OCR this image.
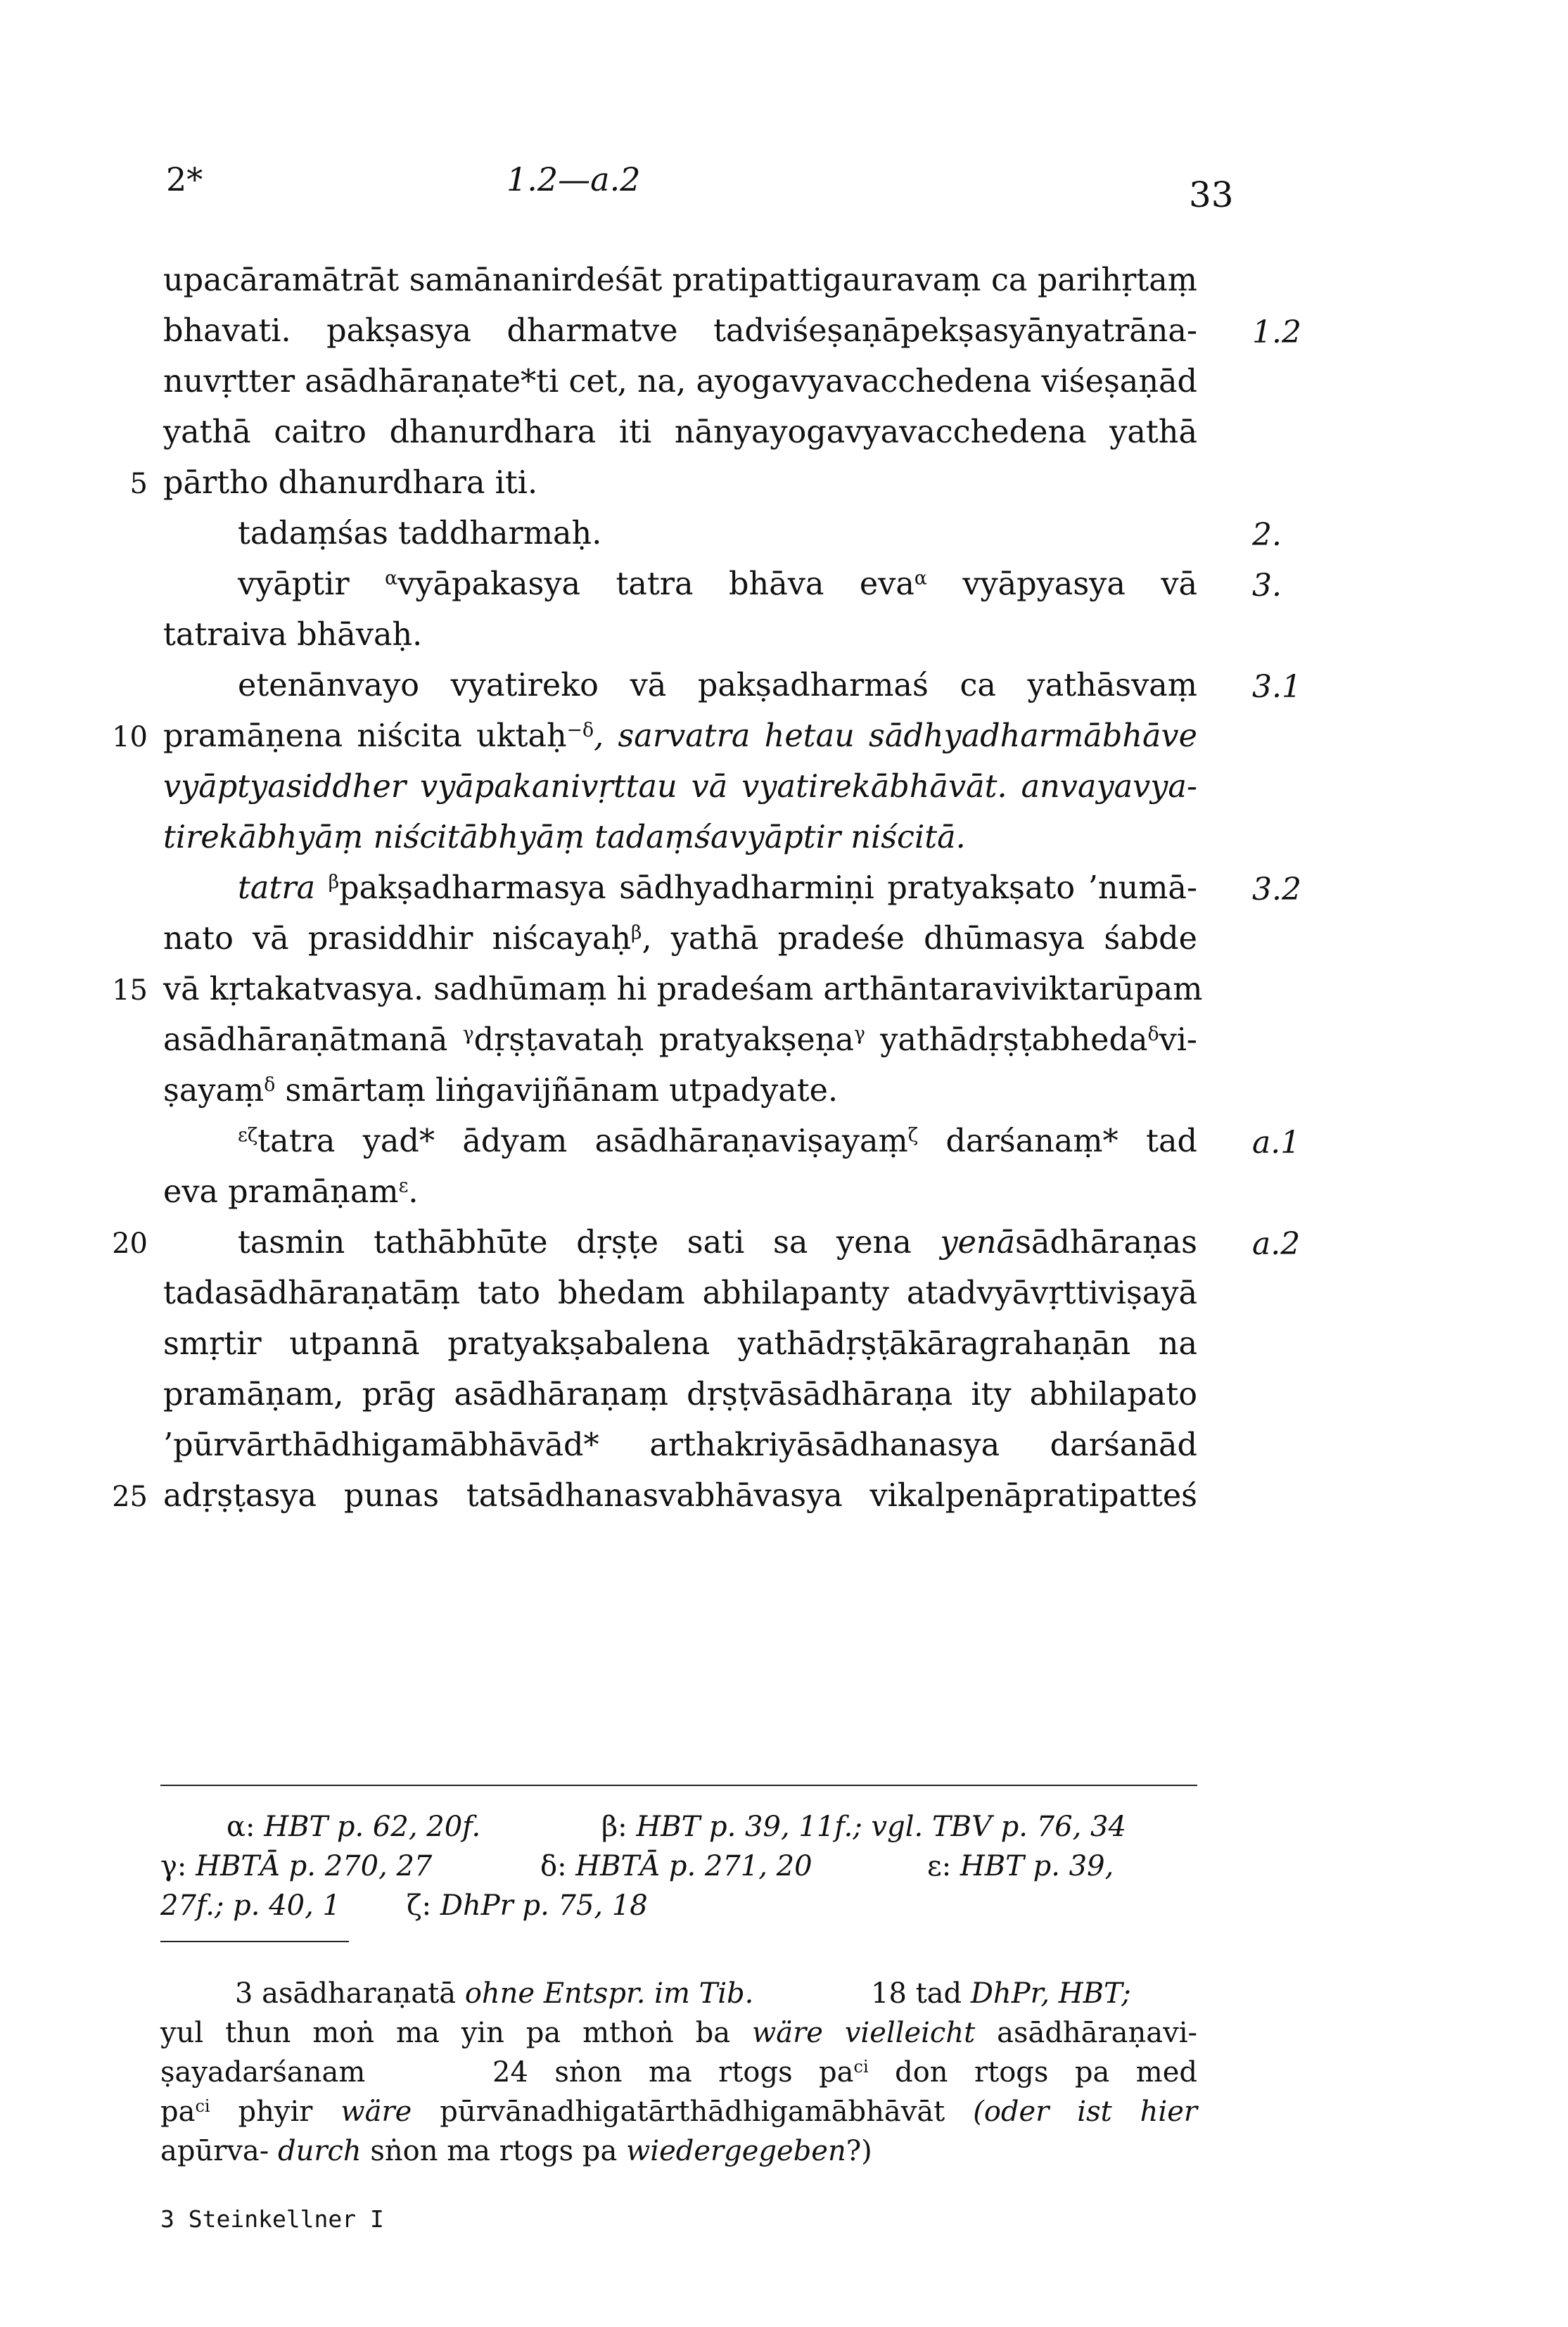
2*	1.2—a.2	33
upacāramātrāt samānanirdeśāt pratipattigauravaṃ ca parihṛtaṃ
bhavati. pakṣasya dharmatve tadviśeṣaṇāpekṣasyānyatrāna- 1.2
nuvṛtter asādhāraṇate*ti cet, na, ayogavyavacchedena viśeṣaṇād
yathā caitro dhanurdhara iti nānyayogavyavacchedena yathā
5 pārtho dhanurdhara iti.
tadaṃśas taddharmaḥ.	2.
vyāptir $^\alpha$vyāpakasya tatra bhāva eva$^\alpha$ vyāpyasya vā 3.
tatraiva bhāvaḥ.
etenānvayo vyatireko vā pakṣadharmaś ca yathāsvaṃ 3.1
10 pramāṇena niścita uktaḥ$^{-\delta}$, sarvatra hetau sādhyadharmābhāve
vyāptyasiddher vyāpakanivṛttau vā vyatirekābhāvāt. anvayavya-
tirekābhyāṃ niścitābhyāṃ tadaṃśavyāptir niścitā.
tatra $^\beta$pakṣadharmasya sādhyadharmiṇi pratyakṣato ’numā- 3.2
nato vā prasiddhir niścayaḥ$^\beta$, yathā pradeśe dhūmasya śabde
15 vā kṛtakatvasya. sadhūmaṃ hi pradeśam arthāntaraviviktarūpam
asādhāraṇātmanā $^\gamma$dṛṣṭavataḥ pratyakṣeṇa$^\gamma$ yathādṛṣṭabheda$^\delta$vi-
ṣayaṃ$^\delta$ smārtaṃ liṅgavijñānam utpadyate.
$^{\varepsilon\zeta}$tatra yad* ādyam asādhāraṇaviṣayaṃ$^\zeta$ darśanaṃ* tad a.1
eva pramāṇam$^\varepsilon$.
20	tasmin tathābhūte dṛṣṭe sati sa yena yenāsādhāraṇas a.2
tadasādhāraṇatāṃ tato bhedam abhilapanty atadvyāvṛttiviṣayā
smṛtir utpannā pratyakṣabalena yathādṛṣṭākāragrahaṇān na
pramāṇam, prāg asādhāraṇaṃ dṛṣṭvāsādhāraṇa ity abhilapato
’pūrvārthādhigamābhāvād* arthakriyāsādhanasya darśanād
25 adṛṣṭasya punas tatsādhanasvabhāvasya vikalpenāpratipatteś
α: HBT p. 62, 20f.	β: HBT p. 39, 11f.; vgl. TBV p. 76, 34
γ: HBTĀ p. 270, 27	δ: HBTĀ p. 271, 20	ε: HBT p. 39,
27f.; p. 40, 1 ζ: DhPr p. 75, 18
3 asādharaṇatā ohne Entspr. im Tib.	18 tad DhPr, HBT;
yul thun moṅ ma yin pa mthoṅ ba wäre vielleicht asādhāraṇavi-
ṣayadarśanam	24 sṅon ma rtogs $pa^{ci}$ don rtogs pa med
$pa^{ci}$ phyir wäre pūrvānadhigatārthādhigamābhāvāt (oder ist hier
apūrva- durch sṅon ma rtogs pa wiedergegeben?)
3 Steinkellner I
